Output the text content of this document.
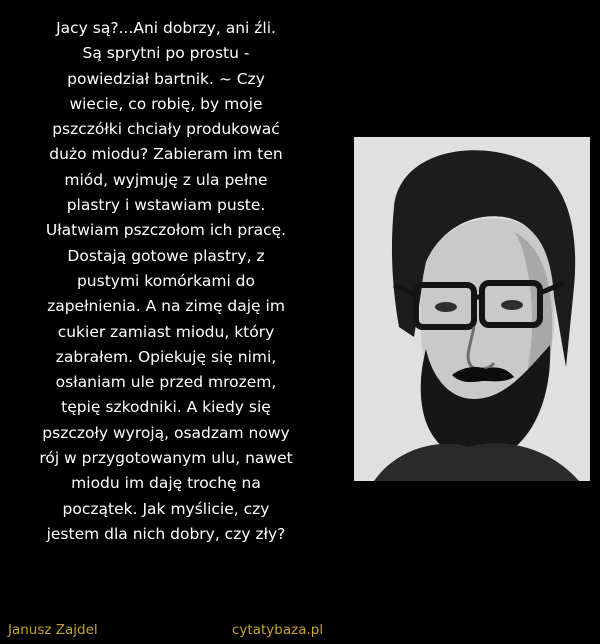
Jacy są?...Ani dobrzy, ani źli.
Są sprytni po prostu -
powiedział bartnik. ~ Czy
wiecie, co robię, by moje
pszczółki chciały produkować
dużo miodu? Zabieram im ten
miód, wyjmuję z ula pełne
plastry i wstawiam puste.
Ułatwiam pszczołom ich pracę.
Dostają gotowe plastry, z
pustymi komórkami do
zapełnienia. A na zimę daję im
cukier zamiast miodu, który
zabrałem. Opiekuję się nimi,
osłaniam ule przed mrozem,
tępię szkodniki. A kiedy się
pszczoły wyroją, osadzam nowy
rój w przygotowanym ulu, nawet
miodu im daję trochę na
początek. Jak myślicie, czy
jestem dla nich dobry, czy zły?
Janusz Zajdel	cytatybaza.pl
